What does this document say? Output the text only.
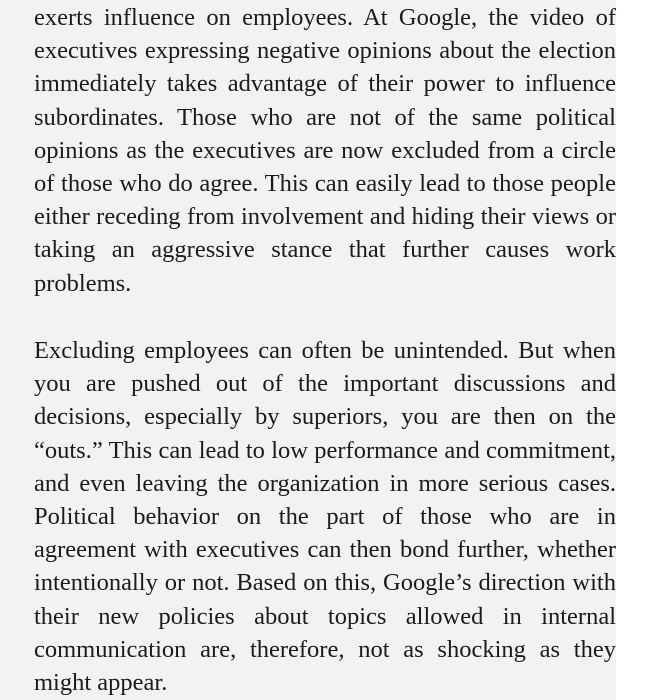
exerts influence on employees. At Google, the video of executives expressing negative opinions about the election immediately takes advantage of their power to influence subordinates. Those who are not of the same political opinions as the executives are now excluded from a circle of those who do agree. This can easily lead to those people either receding from involvement and hiding their views or taking an aggressive stance that further causes work problems.

Excluding employees can often be unintended. But when you are pushed out of the important discussions and decisions, especially by superiors, you are then on the “outs.” This can lead to low performance and commitment, and even leaving the organization in more serious cases. Political behavior on the part of those who are in agreement with executives can then bond further, whether intentionally or not. Based on this, Google’s direction with their new policies about topics allowed in internal communication are, therefore, not as shocking as they might appear.
